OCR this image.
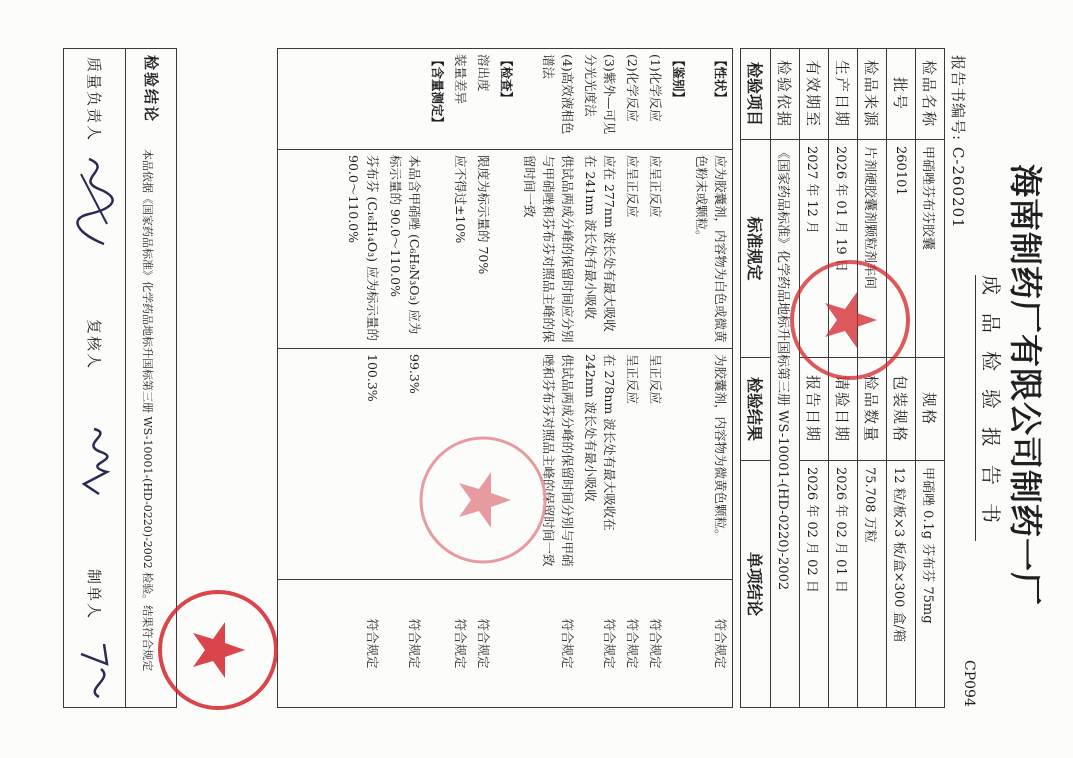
海南制药厂有限公司制药一厂
成品检验报告书
CP094
报告书编号: C-260201
检品名称	甲硝唑芬布芬胶囊	规格	甲硝唑 0.1g 芬布芬 75mg
批号	260101	包装规格	12 粒/板×3 板/盒×300 盒/箱
检品来源	片剂硬胶囊剂颗粒剂车间	检品数量	75.708 万粒
生产日期	2026 年 01 月 19 日	请验日期	2026 年 02 月 01 日
有效期至	2027 年 12 月	报告日期	2026 年 02 月 02 日
检验依据	《国家药品标准》化学药品地标升国标第三册 WS-10001-(HD-0220)-2002		
检验项目	标准规定	检验结果	单项结论
【性状】	应为胶囊剂，内容物为白色或微黄色粉末或颗粒。	为胶囊剂，内容物为微黄色颗粒。	符合规定
【鉴别】			
(1)化学反应	应呈正反应	呈正反应	符合规定
(2)化学反应	应呈正反应	呈正反应	符合规定
(3)紫外—可见分光光度法	应在 277nm 波长处有最大吸收在 241nm 波长处有最小吸收	在 278nm 波长处有最大吸收在 242nm 波长处有最小吸收	符合规定
(4)高效液相色谱法	供试品两成分峰的保留时间应分别与甲硝唑和芬布芬对照品主峰的保留时间一致	供试品两成分峰的保留时间分别与甲硝唑和芬布芬对照品主峰的保留时间一致	符合规定
【检查】			
溶出度	限度为标示量的 70%		符合规定
装量差异	应不得过±10%		符合规定
【含量测定】			
	本品含甲硝唑 (C₆H₉N₃O₃) 应为标示量的 90.0～110.0%	99.3%	符合规定
	芬布芬 (C₁₆H₁₄O₃) 应为标示量的 90.0～110.0%	100.3%	符合规定

检验结论
本品依据《国家药品标准》化学药品地标升国标第三册 WS-10001-(HD-0220)-2002 检验。结果符合规定
质量负责人
复核人
制单人
